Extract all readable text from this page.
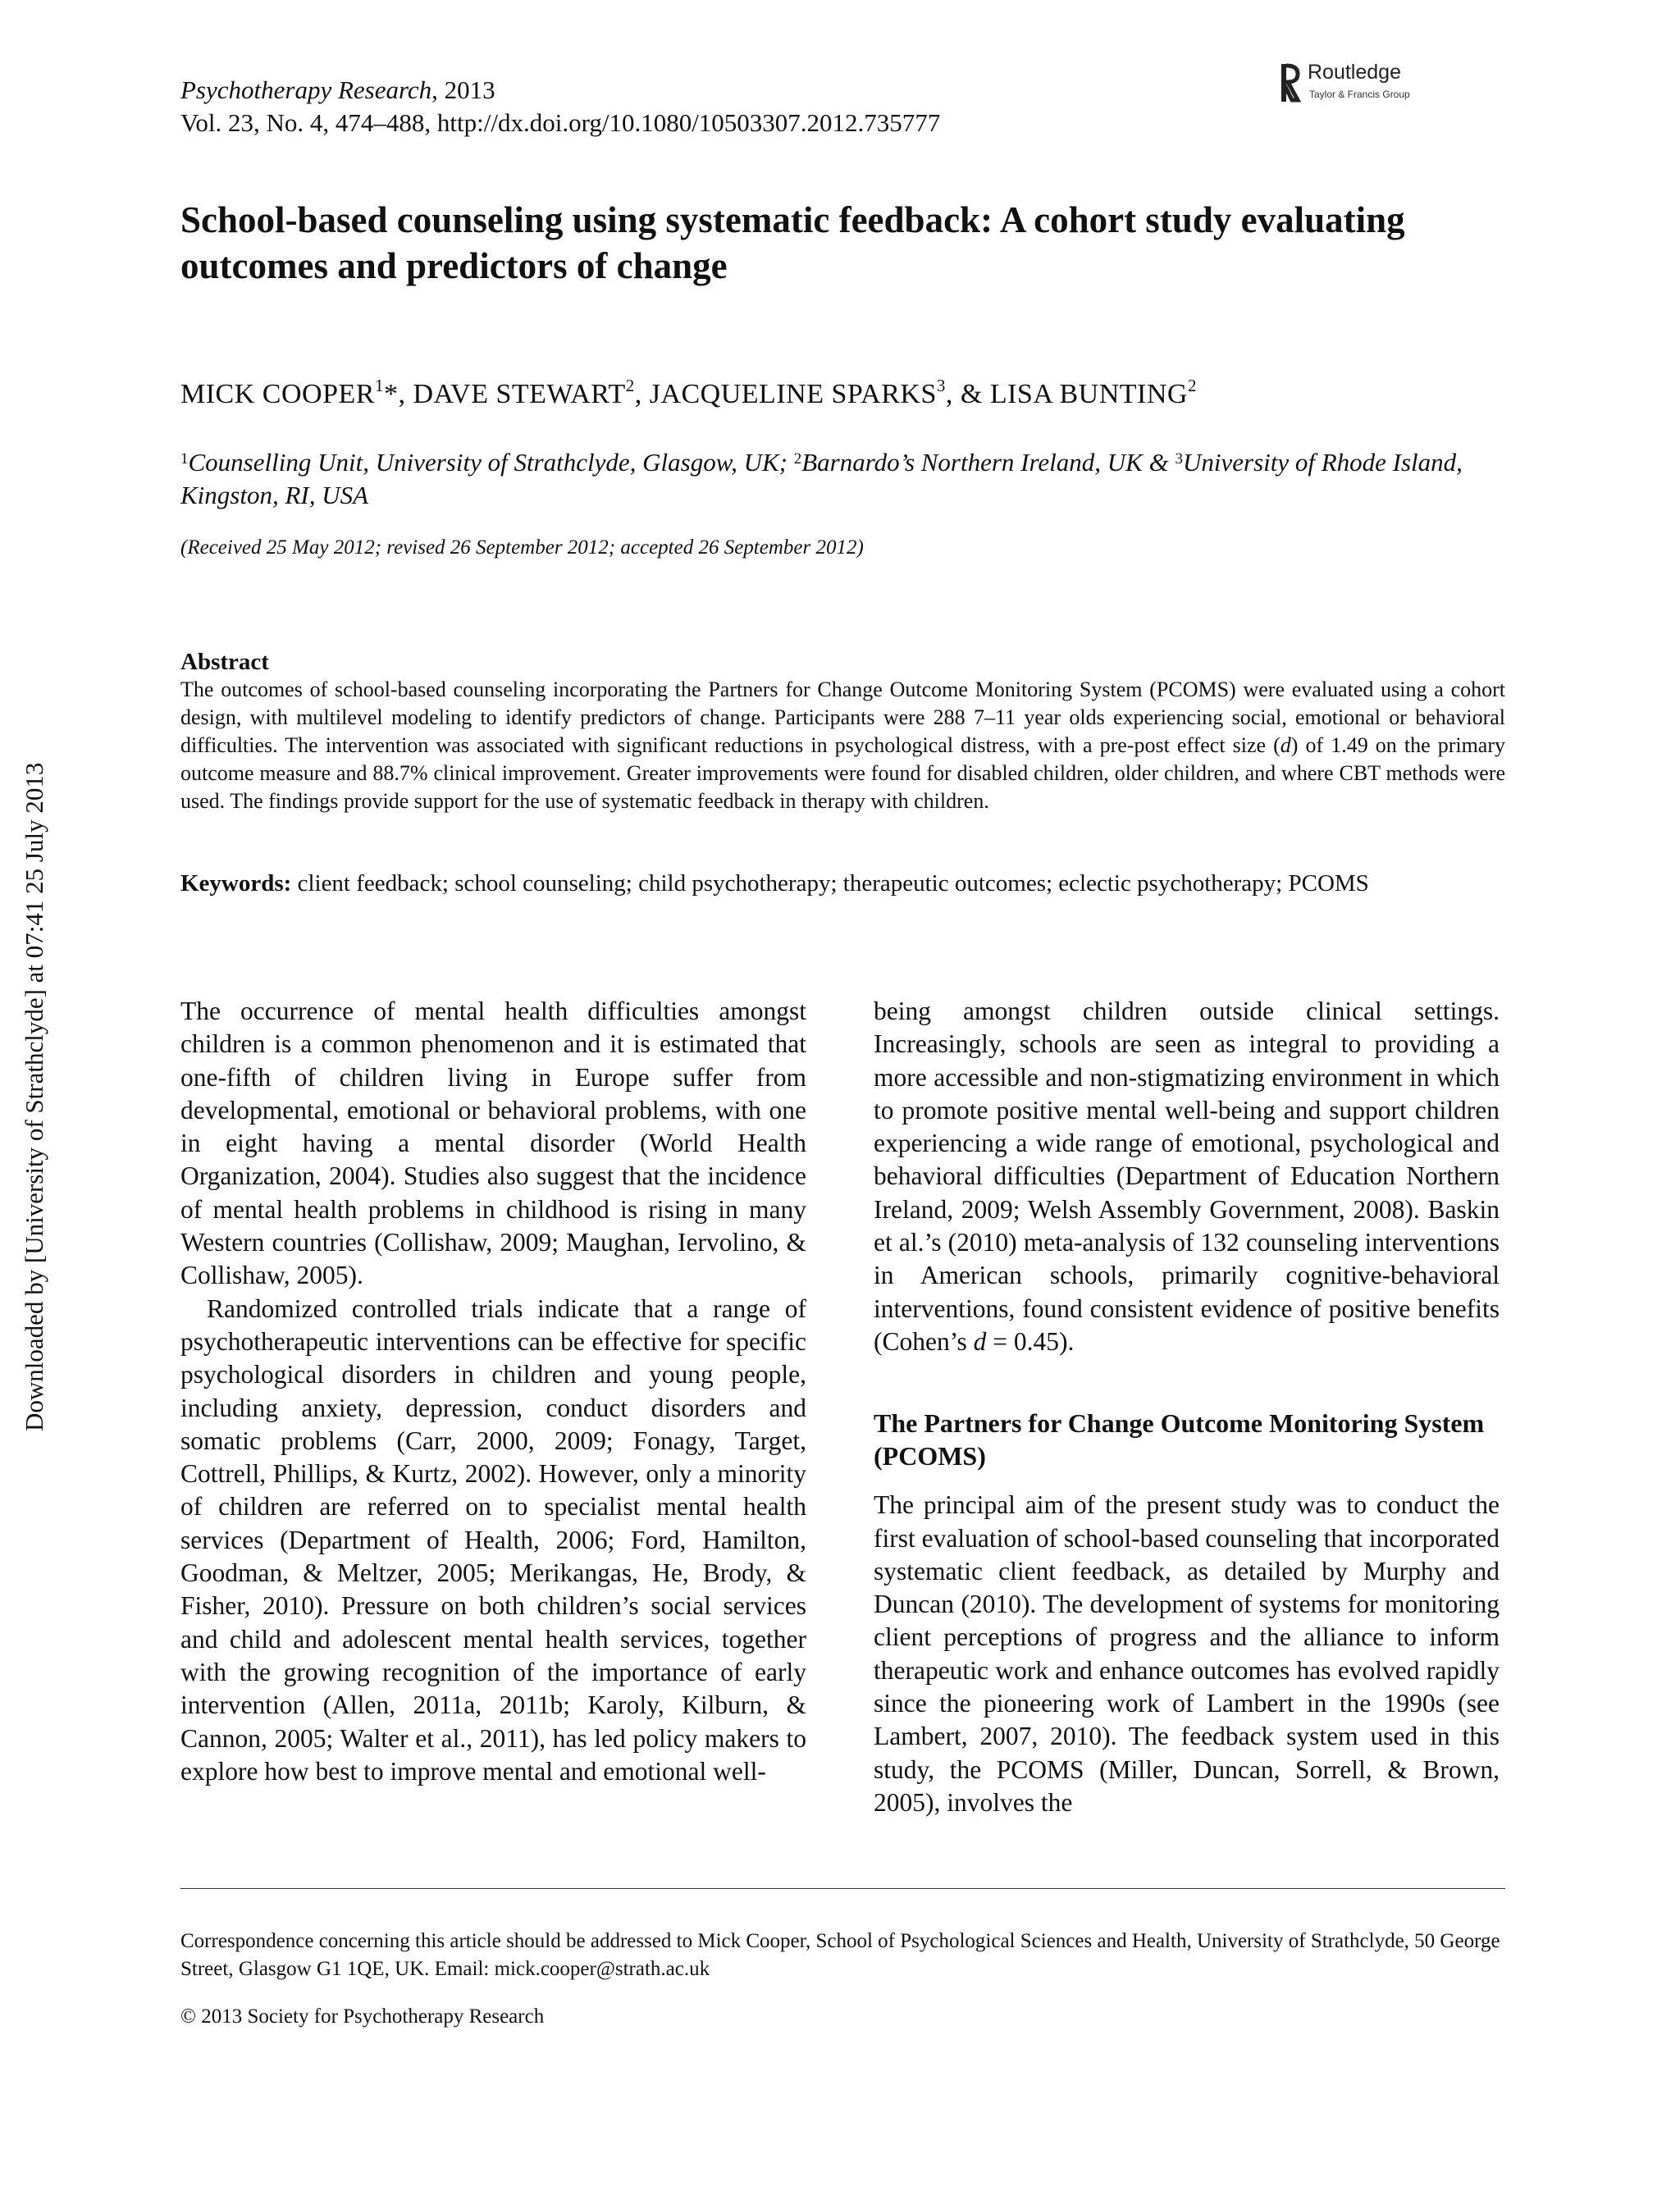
Psychotherapy Research, 2013
Vol. 23, No. 4, 474–488, http://dx.doi.org/10.1080/10503307.2012.735777
Routledge
Taylor & Francis Group
School-based counseling using systematic feedback: A cohort study evaluating outcomes and predictors of change
MICK COOPER$^1$*, DAVE STEWART$^2$, JACQUELINE SPARKS$^3$, & LISA BUNTING$^2$
$^1$Counselling Unit, University of Strathclyde, Glasgow, UK; $^2$Barnardo’s Northern Ireland, UK & $^3$University of Rhode Island, Kingston, RI, USA
(Received 25 May 2012; revised 26 September 2012; accepted 26 September 2012)
Downloaded by [University of Strathclyde] at 07:41 25 July 2013
Abstract
The outcomes of school-based counseling incorporating the Partners for Change Outcome Monitoring System (PCOMS) were evaluated using a cohort design, with multilevel modeling to identify predictors of change. Participants were 288 7–11 year olds experiencing social, emotional or behavioral difficulties. The intervention was associated with significant reductions in psychological distress, with a pre-post effect size (d) of 1.49 on the primary outcome measure and 88.7% clinical improvement. Greater improvements were found for disabled children, older children, and where CBT methods were used. The findings provide support for the use of systematic feedback in therapy with children.
Keywords: client feedback; school counseling; child psychotherapy; therapeutic outcomes; eclectic psychotherapy; PCOMS

The occurrence of mental health difficulties amongst children is a common phenomenon and it is estimated that one-fifth of children living in Europe suffer from developmental, emotional or behavioral problems, with one in eight having a mental disorder (World Health Organization, 2004). Studies also suggest that the incidence of mental health problems in childhood is rising in many Western countries (Collishaw, 2009; Maughan, Iervolino, & Collishaw, 2005).

Randomized controlled trials indicate that a range of psychotherapeutic interventions can be effective for specific psychological disorders in children and young people, including anxiety, depression, conduct disorders and somatic problems (Carr, 2000, 2009; Fonagy, Target, Cottrell, Phillips, & Kurtz, 2002). However, only a minority of children are referred on to specialist mental health services (Department of Health, 2006; Ford, Hamilton, Goodman, & Meltzer, 2005; Merikangas, He, Brody, & Fisher, 2010). Pressure on both children’s social services and child and adolescent mental health services, together with the growing recognition of the importance of early intervention (Allen, 2011a, 2011b; Karoly, Kilburn, & Cannon, 2005; Walter et al., 2011), has led policy makers to explore how best to improve mental and emotional well-

being amongst children outside clinical settings. Increasingly, schools are seen as integral to providing a more accessible and non-stigmatizing environment in which to promote positive mental well-being and support children experiencing a wide range of emotional, psychological and behavioral difficulties (Department of Education Northern Ireland, 2009; Welsh Assembly Government, 2008). Baskin et al.’s (2010) meta-analysis of 132 counseling interventions in American schools, primarily cognitive-behavioral interventions, found consistent evidence of positive benefits (Cohen’s d = 0.45).

The Partners for Change Outcome Monitoring System (PCOMS)

The principal aim of the present study was to conduct the first evaluation of school-based counseling that incorporated systematic client feedback, as detailed by Murphy and Duncan (2010). The development of systems for monitoring client perceptions of progress and the alliance to inform therapeutic work and enhance outcomes has evolved rapidly since the pioneering work of Lambert in the 1990s (see Lambert, 2007, 2010). The feedback system used in this study, the PCOMS (Miller, Duncan, Sorrell, & Brown, 2005), involves the

Correspondence concerning this article should be addressed to Mick Cooper, School of Psychological Sciences and Health, University of Strathclyde, 50 George Street, Glasgow G1 1QE, UK. Email: mick.cooper@strath.ac.uk
© 2013 Society for Psychotherapy Research
